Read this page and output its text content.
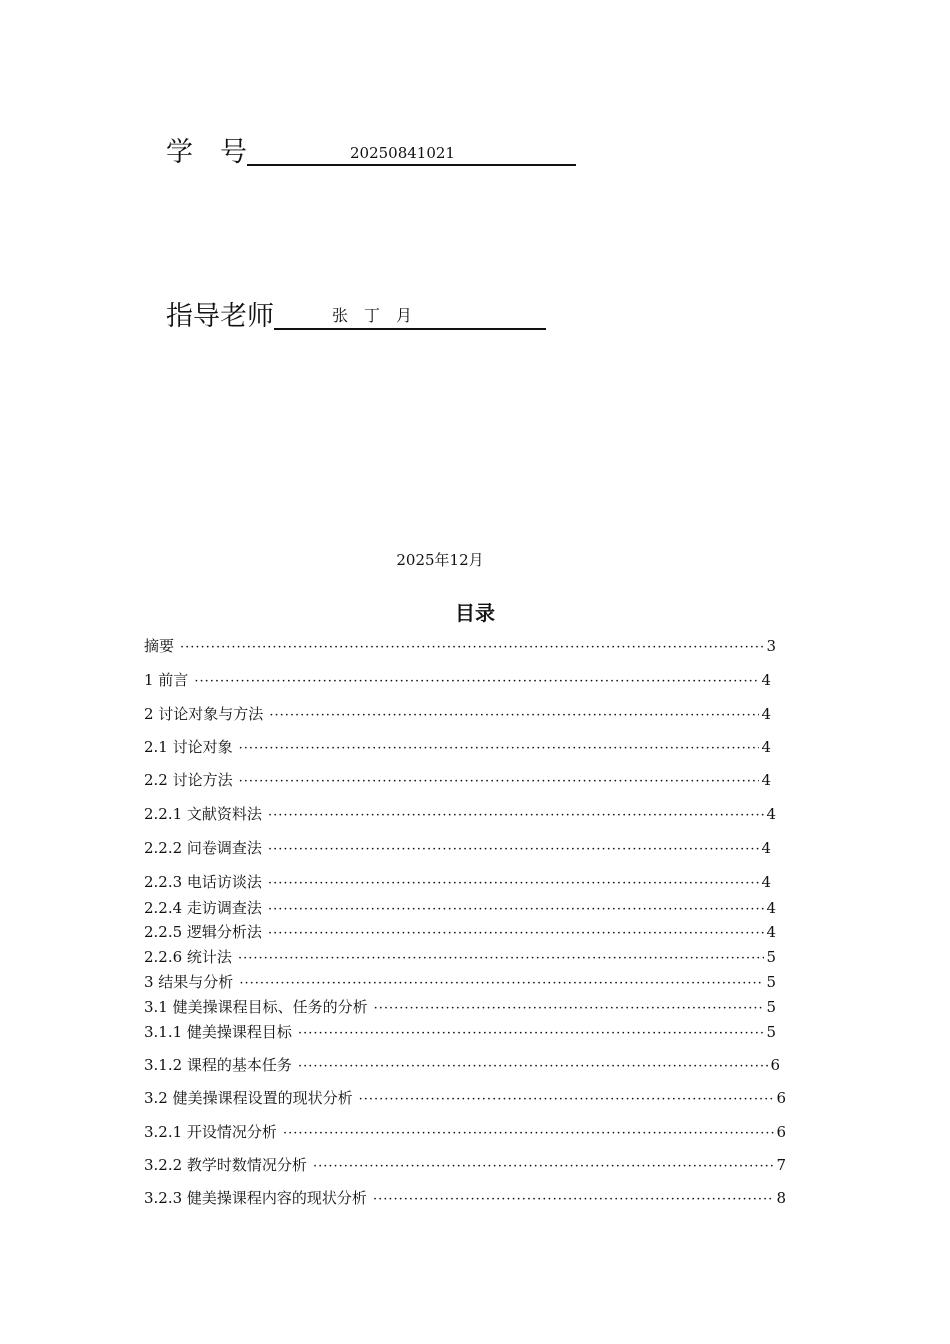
学　号	20250841021
指导老师	张　丁　月
2025年12月
目录
摘要 ·····	3
1 前言 ·····	4
2 讨论对象与方法 ·····	4
2.1 讨论对象 ·····	4
2.2 讨论方法 ·····	4
2.2.1 文献资料法 ·····	4
2.2.2 问卷调查法 ·····	4
2.2.3 电话访谈法 ·····	4
2.2.4 走访调查法 ·····	4
2.2.5 逻辑分析法 ·····	4
2.2.6 统计法 ·····	5
3 结果与分析 ·····	5
3.1 健美操课程目标、任务的分析 ·····	5
3.1.1 健美操课程目标 ·····	5
3.1.2 课程的基本任务 ·····	6
3.2 健美操课程设置的现状分析 ·····	6
3.2.1 开设情况分析 ·····	6
3.2.2 教学时数情况分析 ·····	7
3.2.3 健美操课程内容的现状分析 ·····	8
